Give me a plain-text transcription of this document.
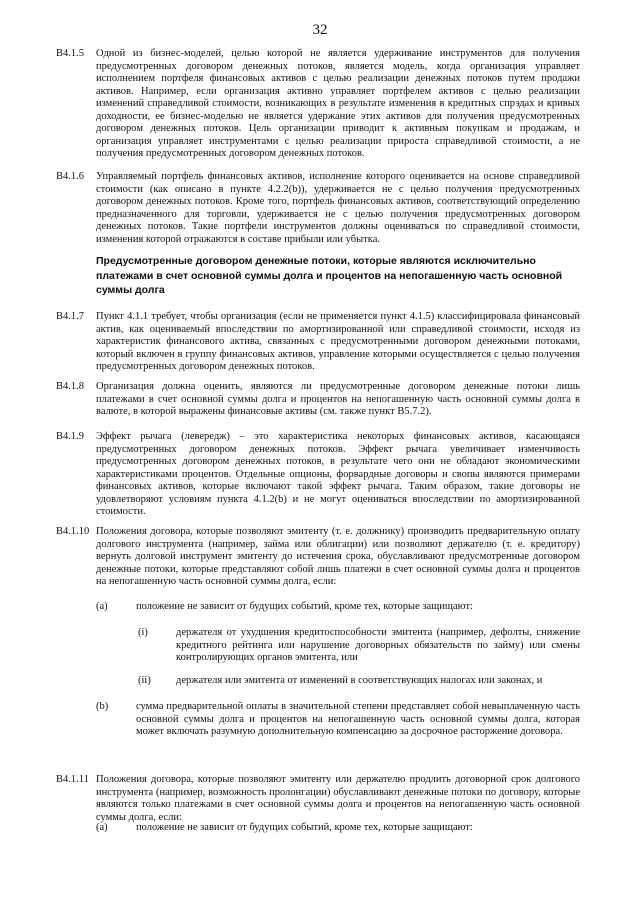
32
B4.1.5 Одной из бизнес-моделей, целью которой не является удерживание инструментов для получения предусмотренных договором денежных потоков, является модель, когда организация управляет исполнением портфеля финансовых активов с целью реализации денежных потоков путем продажи активов. Например, если организация активно управляет портфелем активов с целью реализации изменений справедливой стоимости, возникающих в результате изменения в кредитных спрэдах и кривых доходности, ее бизнес-моделью не является удержание этих активов для получения предусмотренных договором денежных потоков. Цель организации приводит к активным покупкам и продажам, и организация управляет инструментами с целью реализации прироста справедливой стоимости, а не получения предусмотренных договором денежных потоков.
B4.1.6 Управляемый портфель финансовых активов, исполнение которого оценивается на основе справедливой стоимости (как описано в пункте 4.2.2(b)), удерживается не с целью получения предусмотренных договором денежных потоков. Кроме того, портфель финансовых активов, соответствующий определению предназначенного для торговли, удерживается не с целью получения предусмотренных договором денежных потоков. Такие портфели инструментов должны оцениваться по справедливой стоимости, изменения которой отражаются в составе прибыли или убытка.
Предусмотренные договором денежные потоки, которые являются исключительно платежами в счет основной суммы долга и процентов на непогашенную часть основной суммы долга
B4.1.7 Пункт 4.1.1 требует, чтобы организация (если не применяется пункт 4.1.5) классифицировала финансовый актив, как оцениваемый впоследствии по амортизированной или справедливой стоимости, исходя из характеристик финансового актива, связанных с предусмотренными договором денежными потоками, который включен в группу финансовых активов, управление которыми осуществляется с целью получения предусмотренных договором денежных потоков.
B4.1.8 Организация должна оценить, являются ли предусмотренные договором денежные потоки лишь платежами в счет основной суммы долга и процентов на непогашенную часть основной суммы долга в валюте, в которой выражены финансовые активы (см. также пункт B5.7.2).
B4.1.9 Эффект рычага (левередж) – это характеристика некоторых финансовых активов, касающаяся предусмотренных договором денежных потоков. Эффект рычага увеличивает изменчивость предусмотренных договором денежных потоков, в результате чего они не обладают экономическими характеристиками процентов. Отдельные опционы, форвардные договоры и свопы являются примерами финансовых активов, которые включают такой эффект рычага. Таким образом, такие договоры не удовлетворяют условиям пункта 4.1.2(b) и не могут оцениваться впоследствии по амортизированной стоимости.
B4.1.10 Положения договора, которые позволяют эмитенту (т. е. должнику) производить предварительную оплату долгового инструмента (например, займа или облигации) или позволяют держателю (т. е. кредитору) вернуть долговой инструмент эмитенту до истечения срока, обуславливают предусмотренные договором денежные потоки, которые представляют собой лишь платежи в счет основной суммы долга и процентов на непогашенную часть основной суммы долга, если:
(a)	положение не зависит от будущих событий, кроме тех, которые защищают:
(i)	держателя от ухудшения кредитоспособности эмитента (например, дефолты, снижение кредитного рейтинга или нарушение договорных обязательств по займу) или смены контролирующих органов эмитента, или
(ii) держателя или эмитента от изменений в соответствующих налогах или законах, и
(b)	сумма предварительной оплаты в значительной степени представляет собой невыплаченную часть основной суммы долга и процентов на непогашенную часть основной суммы долга, которая может включать разумную дополнительную компенсацию за досрочное расторжение договора.
B4.1.11 Положения договора, которые позволяют эмитенту или держателю продлить договорной срок долгового инструмента (например, возможность пролонгации) обуславливают денежные потоки по договору, которые являются только платежами в счет основной суммы долга и процентов на непогашенную часть основной суммы долга, если:
(a)	положение не зависит от будущих событий, кроме тех, которые защищают:
